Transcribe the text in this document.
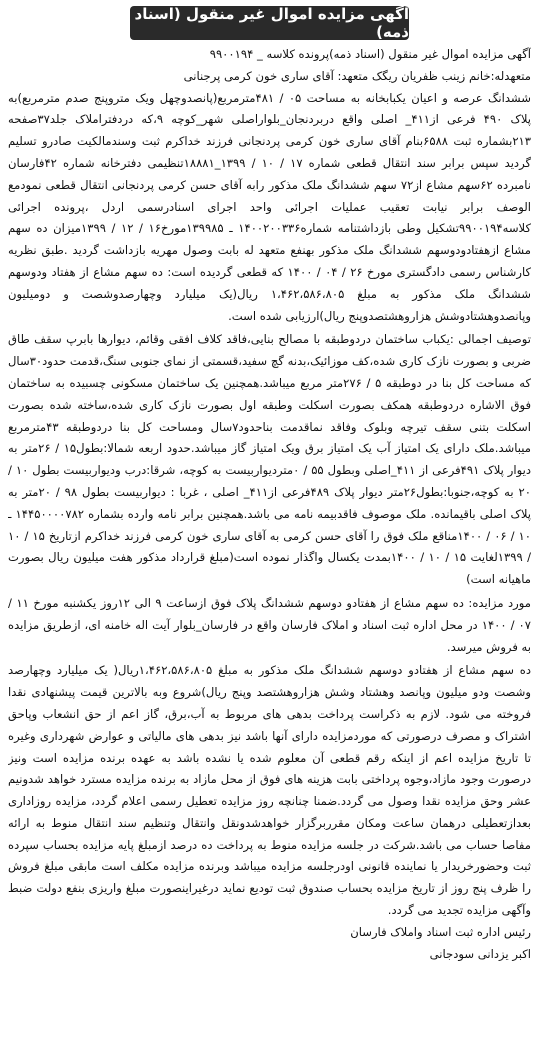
آگهی مزایده اموال غیر منقول (اسناد ذمه)

آگهی مزایده اموال غیر منقول (اسناد ذمه)پرونده کلاسه _ ۹۹۰۰۱۹۴

متعهدله:خانم زینب ظفریان ریگک متعهد: آقای ساری خون کرمی پرجنانی

ششدانگ عرصه و اعیان یکبابخانه به مساحت ۰۵ / ۴۸۱مترمربع(پانصدوچهل ویک متروپنج صدم مترمربع)به پلاک ۴۹۰ فرعی از۴۱۱_ اصلی واقع دربردنجان_بلواراصلی شهر_کوچه ۹،که دردفتراملاک جلد۳۷صفحه ۲۱۳بشماره ثبت ۶۵۸۸بنام آقای ساری خون کرمی پردنجانی فرزند خداکرم ثبت وسندمالکیت صادرو تسلیم گردید سپس برابر سند انتقال قطعی شماره ۱۷ / ۱۰ / ۱۳۹۹_۱۸۸۸۱تنظیمی دفترخانه شماره ۴۲فارسان نامبرده ۶۲سهم مشاع از۷۲ سهم ششدانگ ملک مذکور رابه آقای حسن کرمی پردنجانی انتقال قطعی نمودمع الوصف برابر نیابت تعقیب عملیات اجرائی واحد اجرای اسنادرسمی اردل ،پرونده اجرائی کلاسه۹۹۰۰۱۹۴تشکیل وطی بازداشتنامه شماره۱۴۰۰۲۰۰۳۳۶ ـ ۱۳۹۹۸۵مورخ۱۶ / ۱۲ / ۱۳۹۹میزان ده سهم مشاع ازهفتادودوسهم ششدانگ ملک مذکور بهنفع متعهد له بابت وصول مهریه بازداشت گردید .طبق نظریه کارشناس رسمی دادگستری مورخ ۲۶ / ۰۴ / ۱۴۰۰ که قطعی گردیده است: ده سهم مشاع از هفتاد ودوسهم ششدانگ ملک مذکور به مبلغ ۱،۴۶۲،۵۸۶،۸۰۵ ریال(یک میلیارد وچهارصدوشصت و دومیلیون وپانصدوهشتادوشش هزاروهشتصدوپنج ریال)ارزیابی شده است.

توصیف اجمالی :یکباب ساختمان دردوطبقه با مصالح بنایی،فاقد کلاف افقی وقائم، دیوارها بابرپ سقف طاق ضربی و بصورت نازک کاری شده،کف موزائیک،بدنه گچ سفید،قسمتی از نمای جنوبی سنگ،قدمت حدود۳۰سال که مساحت کل بنا در دوطبقه ۵ / ۲۷۶متر مربع میباشد.همچنین یک ساختمان مسکونی چسبیده به ساختمان فوق الاشاره دردوطبقه همکف بصورت اسکلت وطبقه اول بصورت نازک کاری شده،ساخته شده بصورت اسکلت بتنی سقف تیرچه وبلوک وفاقد نماقدمت بناحدود۷سال ومساحت کل بنا دردوطبقه ۴۳مترمربع میباشد.ملک دارای یک امتیاز آب یک امتیاز برق ویک امتیاز گاز میباشد.حدود اربعه شمالا:بطول۱۵ / ۲۶متر به دیوار پلاک ۴۹۱فرعی از ۴۱۱_اصلی وبطول ۵۵ / ۰متردیواربیست به کوچه، شرقا:درب ودیواربیست بطول ۱۰ / ۲۰ به کوچه،جنوبا:بطول۲۶متر دیوار پلاک ۴۸۹فرعی از۴۱۱_ اصلی ، غربا : دیواربیست بطول ۹۸ / ۲۰متر به پلاک اصلی باقیمانده. ملک موصوف فاقدبیمه نامه می باشد.همچنین برابر نامه وارده بشماره ۱۴۴۵۰۰۰۰۷۸۲ ـ ۱۰ / ۰۶ / ۱۴۰۰مناقع ملک فوق را آقای حسن کرمی به آقای ساری خون کرمی فرزند خداکرم ازتاریخ ۱۵ / ۱۰ / ۱۳۹۹لغایت ۱۵ / ۱۰ / ۱۴۰۰بمدت یکسال واگذار نموده است(مبلغ قرارداد مذکور هفت میلیون ریال بصورت ماهیانه است)

مورد مزایده: ده سهم مشاع از هفتادو دوسهم ششدانگ پلاک فوق ازساعت ۹ الی ۱۲روز یکشنبه مورخ ۱۱ / ۰۷ / ۱۴۰۰ در محل اداره ثبت اسناد و املاک فارسان واقع در فارسان_بلوار آیت اله خامنه ای، ازطریق مزایده به فروش میرسد.

ده سهم مشاع از هفتادو دوسهم ششدانگ ملک مذکور به مبلغ ۱،۴۶۲،۵۸۶،۸۰۵ریال( یک میلیارد وچهارصد وشصت ودو میلیون وپانصد وهشتاد وشش هزاروهشتصد وپنج ریال)شروع وبه بالاترین قیمت پیشنهادی نقدا فروخته می شود. لازم به ذکراست پرداخت بدهی های مربوط به آب،برق، گاز اعم از حق انشعاب وپاحق اشتراک و مصرف درصورتی که موردمزایده دارای آنها باشد نیز بدهی های مالیاتی و عوارض شهرداری وغیره تا تاریخ مزایده اعم از اینکه رقم قطعی آن معلوم شده یا نشده باشد به عهده برنده مزایده است ونیز درصورت وجود مازاد،وجوه پرداختی بابت هزینه های فوق از محل مازاد به برنده مزایده مسترد خواهد شدونیم عشر وحق مزایده نقدا وصول می گردد.ضمنا چنانچه روز مزایده تعطیل رسمی اعلام گردد، مزایده روزاداری بعدازتعطیلی درهمان ساعت ومکان مقرربرگزار خواهدشدونقل وانتقال وتنظیم سند انتقال منوط به ارائه مفاصا حساب می باشد.شرکت در جلسه مزایده منوط به پرداخت ده درصد ازمبلغ پایه مزایده بحساب سپرده ثبت وحضورخریدار یا نماینده قانونی اودرجلسه مزایده میباشد وبرنده مزایده مکلف است مابقی مبلغ فروش را ظرف پنج روز از تاریخ مزایده بحساب صندوق ثبت تودیع نماید درغیراینصورت مبلغ واریزی بنفع دولت ضبط وآگهی مزایده تجدید می گردد.

رئیس اداره ثبت اسناد واملاک فارسان

اکبر یزدانی سودجانی
